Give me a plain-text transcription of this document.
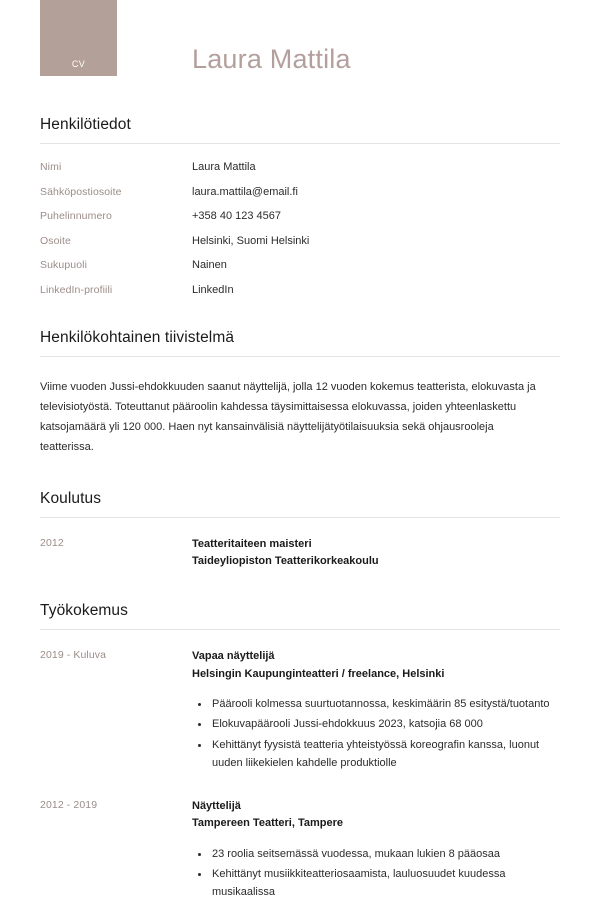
CV	Laura Mattila
Henkilötiedot
Nimi	Laura Mattila
Sähköpostiosoite	laura.mattila@email.fi
Puhelinnumero	+358 40 123 4567
Osoite	Helsinki, Suomi Helsinki
Sukupuoli	Nainen
LinkedIn-profiili	LinkedIn
Henkilökohtainen tiivistelmä

Viime vuoden Jussi-ehdokkuuden saanut näyttelijä, jolla 12 vuoden kokemus teatterista, elokuvasta ja televisiotyöstä. Toteuttanut pääroolin kahdessa täysimittaisessa elokuvassa, joiden yhteenlaskettu katsojamäärä yli 120 000. Haen nyt kansainvälisiä näyttelijätyötilaisuuksia sekä ohjausrooleja teatterissa.

Koulutus
2012	Teatteritaiteen maisteri
Taideyliopiston Teatterikorkeakoulu
Työkokemus
2019 - Kuluva	Vapaa näyttelijä
Helsingin Kaupunginteatteri / freelance, Helsinki
• Päärooli kolmessa suurtuotannossa, keskimäärin 85 esitystä/tuotanto
• Elokuvapäärooli Jussi-ehdokkuus 2023, katsojia 68 000
• Kehittänyt fyysistä teatteria yhteistyössä koreografin kanssa, luonut uuden liikekielen kahdelle produktiolle
2012 - 2019	Näyttelijä
Tampereen Teatteri, Tampere
• 23 roolia seitsemässä vuodessa, mukaan lukien 8 pääosaa
• Kehittänyt musiikkiteatteriosaamista, lauluosuudet kuudessa musikaalissa
